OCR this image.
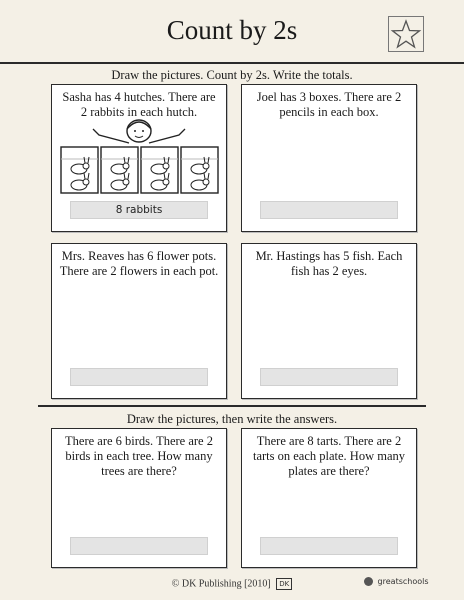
Count by 2s
Draw the pictures. Count by 2s. Write the totals.
Sasha has 4 hutches. There are 2 rabbits in each hutch.
8 rabbits
Joel has 3 boxes. There are 2 pencils in each box.
Mrs. Reaves has 6 flower pots. There are 2 flowers in each pot.
Mr. Hastings has 5 fish. Each fish has 2 eyes.
Draw the pictures, then write the answers.
There are 6 birds. There are 2 birds in each tree. How many trees are there?
There are 8 tarts. There are 2 tarts on each plate. How many plates are there?
© DK Publishing [2010] DK	greatschools
